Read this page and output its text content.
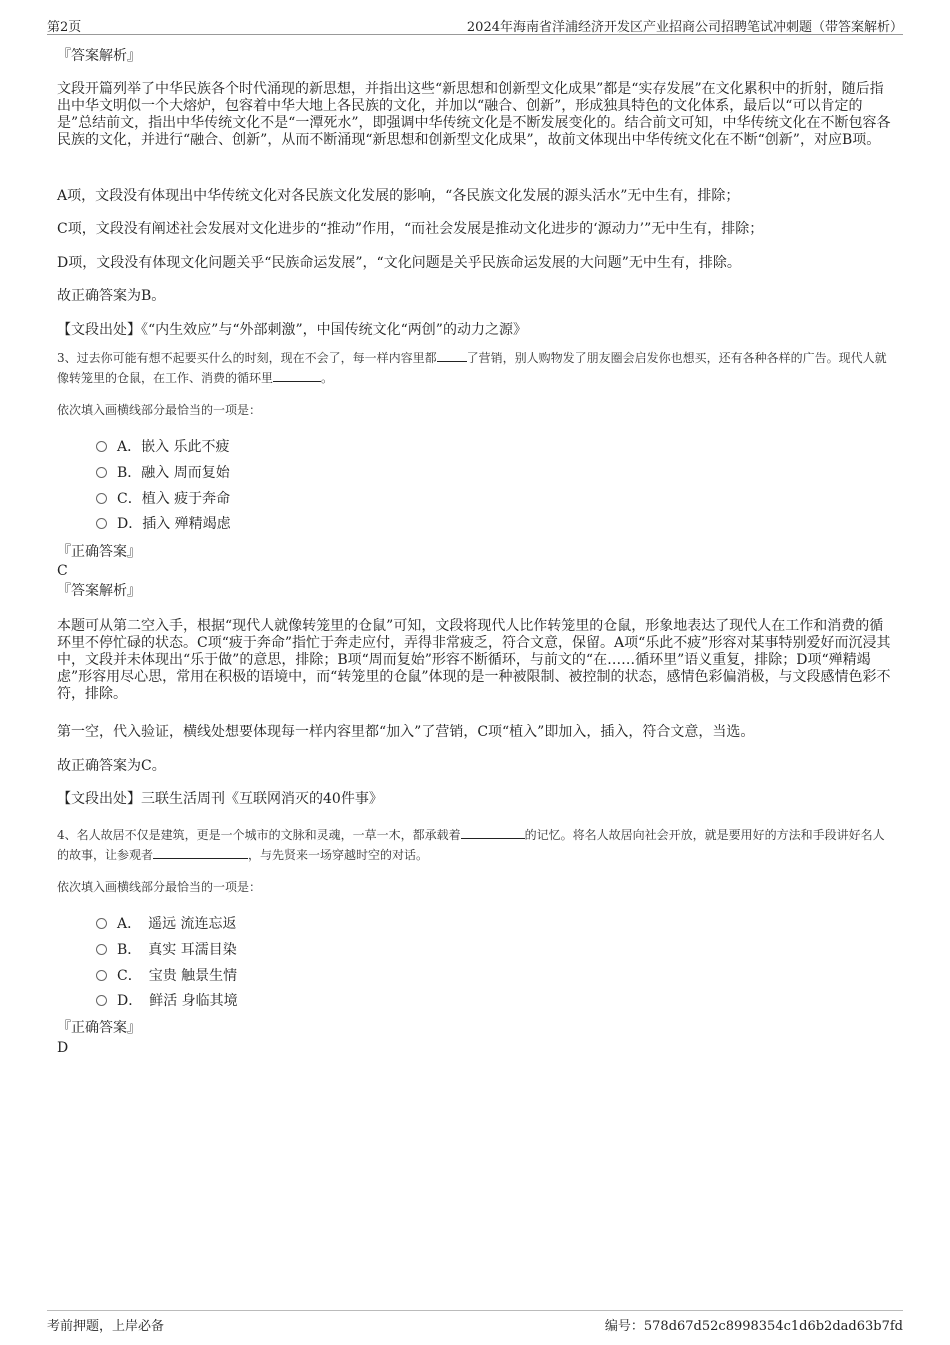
第2页	2024年海南省洋浦经济开发区产业招商公司招聘笔试冲刺题（带答案解析）
『答案解析』

文段开篇列举了中华民族各个时代涌现的新思想，并指出这些“新思想和创新型文化成果”都是“实存发展”在文化累积中的折射，随后指出中华文明似一个大熔炉，包容着中华大地上各民族的文化，并加以“融合、创新”，形成独具特色的文化体系，最后以“可以肯定的是”总结前文，指出中华传统文化不是“一潭死水”，即强调中华传统文化是不断发展变化的。结合前文可知，中华传统文化在不断包容各民族的文化，并进行“融合、创新”，从而不断涌现“新思想和创新型文化成果”，故前文体现出中华传统文化在不断“创新”，对应B项。

A项，文段没有体现出中华传统文化对各民族文化发展的影响，“各民族文化发展的源头活水”无中生有，排除；

C项，文段没有阐述社会发展对文化进步的“推动”作用，“而社会发展是推动文化进步的‘源动力’”无中生有，排除；

D项，文段没有体现文化问题关乎“民族命运发展”，“文化问题是关乎民族命运发展的大问题”无中生有，排除。

故正确答案为B。

【文段出处】《“内生效应”与“外部刺激”，中国传统文化“两创”的动力之源》

3、过去你可能有想不起要买什么的时刻，现在不会了，每一样内容里都	了营销，别人购物发了朋友圈会启发你也想买，还有各种各样的广告。现代人就像转笼里的仓鼠，在工作、消费的循环里	。

依次填入画横线部分最恰当的一项是：

A．嵌入 乐此不疲
B．融入 周而复始
C．植入 疲于奔命
D．插入 殚精竭虑
『正确答案』
C
『答案解析』

本题可从第二空入手，根据“现代人就像转笼里的仓鼠”可知，文段将现代人比作转笼里的仓鼠，形象地表达了现代人在工作和消费的循环里不停忙碌的状态。C项“疲于奔命”指忙于奔走应付，弄得非常疲乏，符合文意，保留。A项“乐此不疲”形容对某事特别爱好而沉浸其中，文段并未体现出“乐于做”的意思，排除；B项“周而复始”形容不断循环，与前文的“在……循环里”语义重复，排除；D项“殚精竭虑”形容用尽心思，常用在积极的语境中，而“转笼里的仓鼠”体现的是一种被限制、被控制的状态，感情色彩偏消极，与文段感情色彩不符，排除。

第一空，代入验证，横线处想要体现每一样内容里都“加入”了营销，C项“植入”即加入，插入，符合文意，当选。

故正确答案为C。

【文段出处】三联生活周刊《互联网消灭的40件事》

4、名人故居不仅是建筑，更是一个城市的文脉和灵魂，一草一木，都承载着	的记忆。将名人故居向社会开放，就是要用好的方法和手段讲好名人的故事，让参观者	，与先贤来一场穿越时空的对话。

依次填入画横线部分最恰当的一项是：

A．　遥远 流连忘返
B．　真实 耳濡目染
C．　宝贵 触景生情
D．　鲜活 身临其境
『正确答案』
D
考前押题，上岸必备	编号：578d67d52c8998354c1d6b2dad63b7fd
